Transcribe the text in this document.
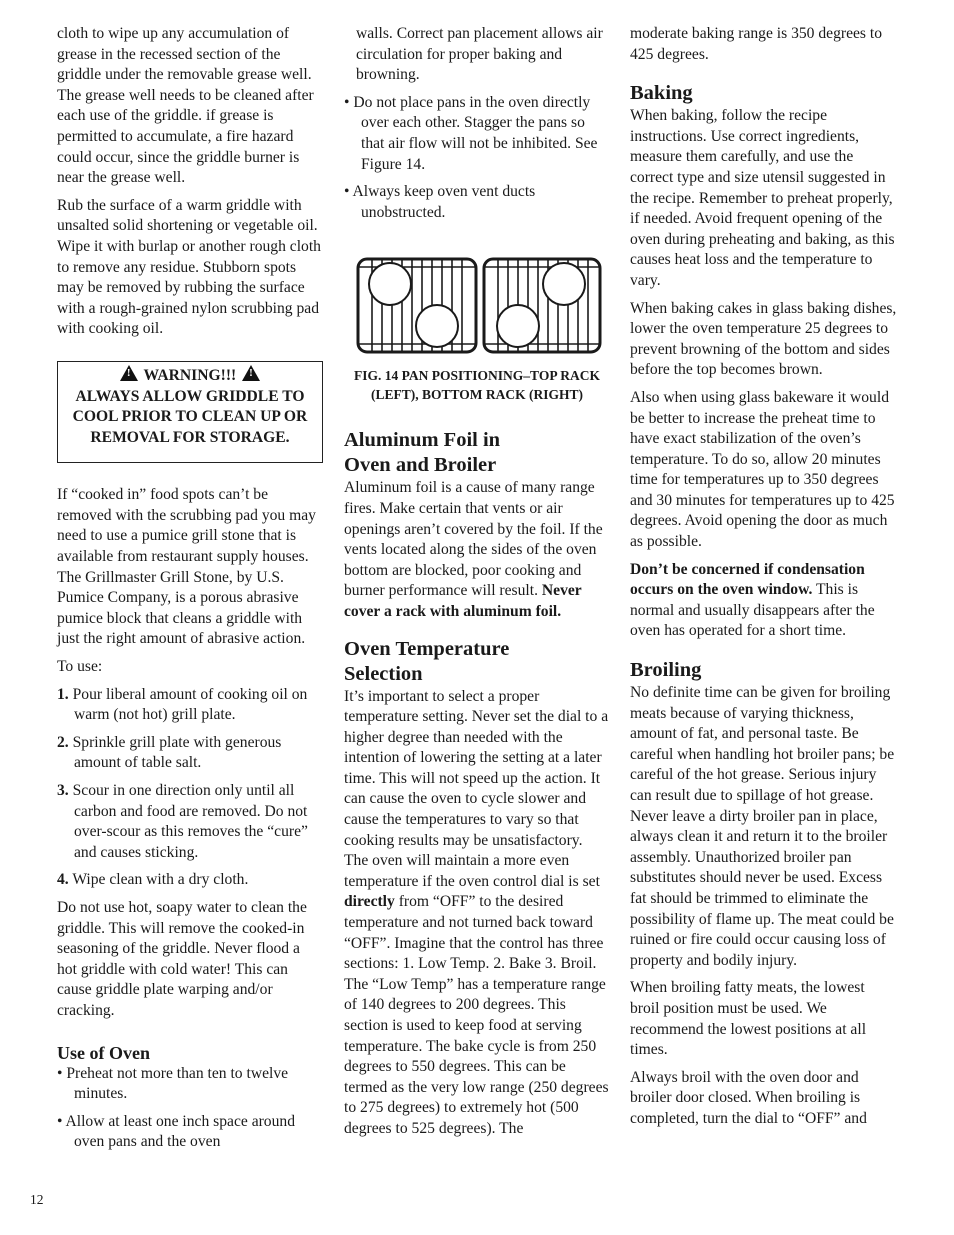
cloth to wipe up any accumulation of grease in the recessed section of the griddle under the removable grease well. The grease well needs to be cleaned after each use of the griddle. if grease is permitted to accumulate, a fire hazard could occur, since the griddle burner is near the grease well.

Rub the surface of a warm griddle with unsalted solid shortening or vegetable oil. Wipe it with burlap or another rough cloth to remove any residue. Stubborn spots may be removed by rubbing the surface with a rough-grained nylon scrubbing pad with cooking oil.

! WARNING!!! !
ALWAYS ALLOW GRIDDLE TO COOL PRIOR TO CLEAN UP OR REMOVAL FOR STORAGE.

If “cooked in” food spots can’t be removed with the scrubbing pad you may need to use a pumice grill stone that is available from restaurant supply houses. The Grillmaster Grill Stone, by U.S. Pumice Company, is a porous abrasive pumice block that cleans a griddle with just the right amount of abrasive action.

To use:

1. Pour liberal amount of cooking oil on warm (not hot) grill plate.
2. Sprinkle grill plate with generous amount of table salt.
3. Scour in one direction only until all carbon and food are removed. Do not over-scour as this removes the “cure” and causes sticking.
4. Wipe clean with a dry cloth.

Do not use hot, soapy water to clean the griddle. This will remove the cooked-in seasoning of the griddle. Never flood a hot griddle with cold water! This can cause griddle plate warping and/or cracking.

Use of Oven
• Preheat not more than ten to twelve minutes.
• Allow at least one inch space around oven pans and the oven

walls. Correct pan placement allows air circulation for proper baking and browning.

• Do not place pans in the oven directly over each other. Stagger the pans so that air flow will not be inhibited. See Figure 14.
• Always keep oven vent ducts unobstructed.
FIG. 14 PAN POSITIONING–TOP RACK (LEFT), BOTTOM RACK (RIGHT)
Aluminum Foil in
Oven and Broiler

Aluminum foil is a cause of many range fires. Make certain that vents or air openings aren’t covered by the foil. If the vents located along the sides of the oven bottom are blocked, poor cooking and burner performance will result. Never cover a rack with aluminum foil.

Oven Temperature
Selection

It’s important to select a proper temperature setting. Never set the dial to a higher degree than needed with the intention of lowering the setting at a later time. This will not speed up the action. It can cause the oven to cycle slower and cause the temperatures to vary so that cooking results may be unsatisfactory. The oven will maintain a more even temperature if the oven control dial is set directly from “OFF” to the desired temperature and not turned back toward “OFF”. Imagine that the control has three sections: 1. Low Temp. 2. Bake 3. Broil. The “Low Temp” has a temperature range of 140 degrees to 200 degrees. This section is used to keep food at serving temperature. The bake cycle is from 250 degrees to 550 degrees. This can be termed as the very low range (250 degrees to 275 degrees) to extremely hot (500 degrees to 525 degrees). The

moderate baking range is 350 degrees to 425 degrees.

Baking

When baking, follow the recipe instructions. Use correct ingredients, measure them carefully, and use the correct type and size utensil suggested in the recipe. Remember to preheat properly, if needed. Avoid frequent opening of the oven during preheating and baking, as this causes heat loss and the temperature to vary.

When baking cakes in glass baking dishes, lower the oven temperature 25 degrees to prevent browning of the bottom and sides before the top becomes brown.

Also when using glass bakeware it would be better to increase the preheat time to have exact stabilization of the oven’s temperature. To do so, allow 20 minutes time for temperatures up to 350 degrees and 30 minutes for temperatures up to 425 degrees. Avoid opening the door as much as possible.

Don’t be concerned if condensation occurs on the oven window. This is normal and usually disappears after the oven has operated for a short time.

Broiling

No definite time can be given for broiling meats because of varying thickness, amount of fat, and personal taste. Be careful when handling hot broiler pans; be careful of the hot grease. Serious injury can result due to spillage of hot grease. Never leave a dirty broiler pan in place, always clean it and return it to the broiler assembly. Unauthorized broiler pan substitutes should never be used. Excess fat should be trimmed to eliminate the possibility of flame up. The meat could be ruined or fire could occur causing loss of property and bodily injury.

When broiling fatty meats, the lowest broil position must be used. We recommend the lowest positions at all times.

Always broil with the oven door and broiler door closed. When broiling is completed, turn the dial to “OFF” and

12
